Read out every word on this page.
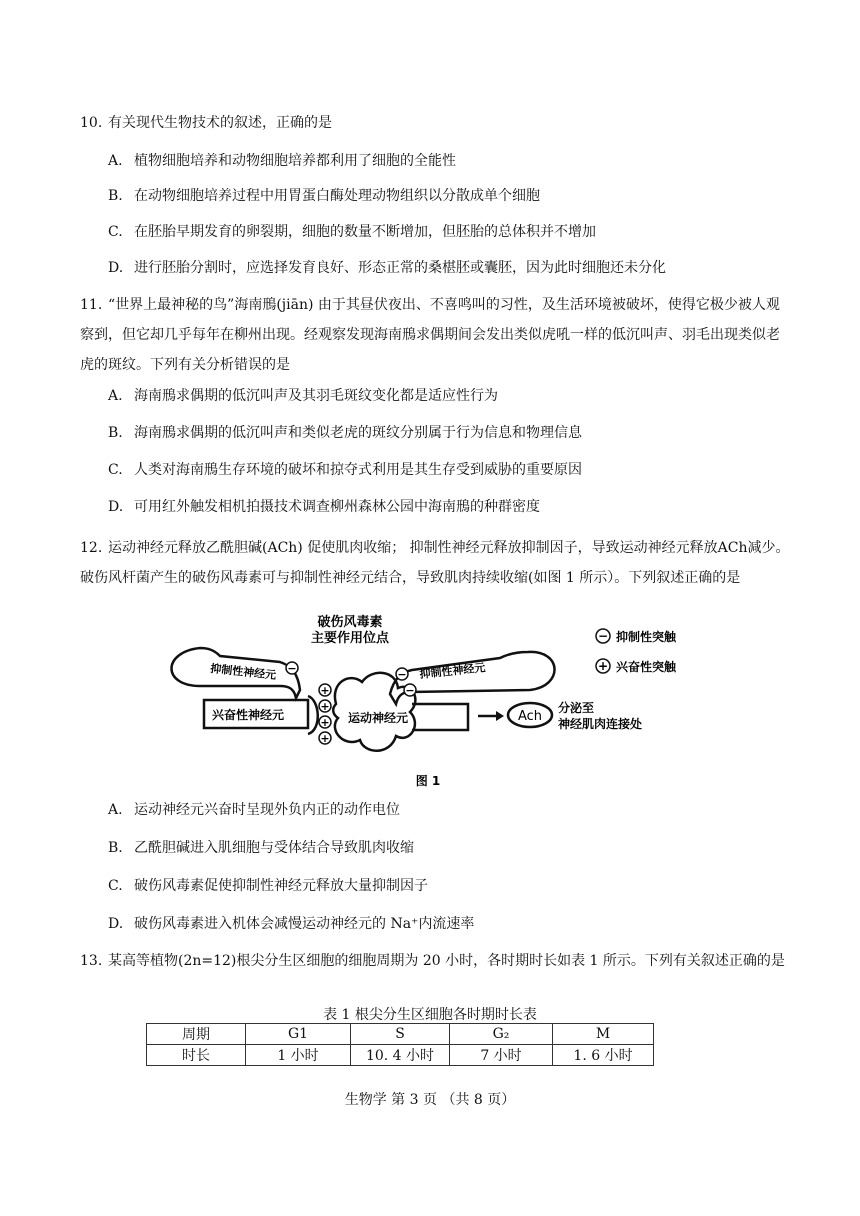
10. 有关现代生物技术的叙述，正确的是
A. 植物细胞培养和动物细胞培养都利用了细胞的全能性
B. 在动物细胞培养过程中用胃蛋白酶处理动物组织以分散成单个细胞
C. 在胚胎早期发育的卵裂期，细胞的数量不断增加，但胚胎的总体积并不增加
D. 进行胚胎分割时，应选择发育良好、形态正常的桑椹胚或囊胚，因为此时细胞还未分化
11. “世界上最神秘的鸟”海南鳽(jiān) 由于其昼伏夜出、不喜鸣叫的习性，及生活环境被破坏，使得它极少被人观察到，但它却几乎每年在柳州出现。经观察发现海南鳽求偶期间会发出类似虎吼一样的低沉叫声、羽毛出现类似老虎的斑纹。下列有关分析错误的是
A. 海南鳽求偶期的低沉叫声及其羽毛斑纹变化都是适应性行为
B. 海南鳽求偶期的低沉叫声和类似老虎的斑纹分别属于行为信息和物理信息
C. 人类对海南鳽生存环境的破坏和掠夺式利用是其生存受到威胁的重要原因
D. 可用红外触发相机拍摄技术调查柳州森林公园中海南鳽的种群密度
12. 运动神经元释放乙酰胆碱(ACh) 促使肌肉收缩； 抑制性神经元释放抑制因子，导致运动神经元释放ACh减少。破伤风杆菌产生的破伤风毒素可与抑制性神经元结合，导致肌肉持续收缩(如图 1 所示）。下列叙述正确的是
−
+
−	−
−
+
+
+
+
破伤风毒素
主要作用位点
抑制性神经元	抑制性神经元
兴奋性神经元	运动神经元	Ach
分泌至
神经肌肉连接处
抑制性突触
兴奋性突触
图 1
A. 运动神经元兴奋时呈现外负内正的动作电位
B. 乙酰胆碱进入肌细胞与受体结合导致肌肉收缩
C. 破伤风毒素促使抑制性神经元释放大量抑制因子
D. 破伤风毒素进入机体会减慢运动神经元的 Na⁺内流速率
13. 某高等植物(2n=12)根尖分生区细胞的细胞周期为 20 小时，各时期时长如表 1 所示。下列有关叙述正确的是
表 1 根尖分生区细胞各时期时长表
周期	G1	S	G₂	M
时长	1 小时	10. 4 小时	7 小时	1. 6 小时
生物学 第 3 页 （共 8 页）
